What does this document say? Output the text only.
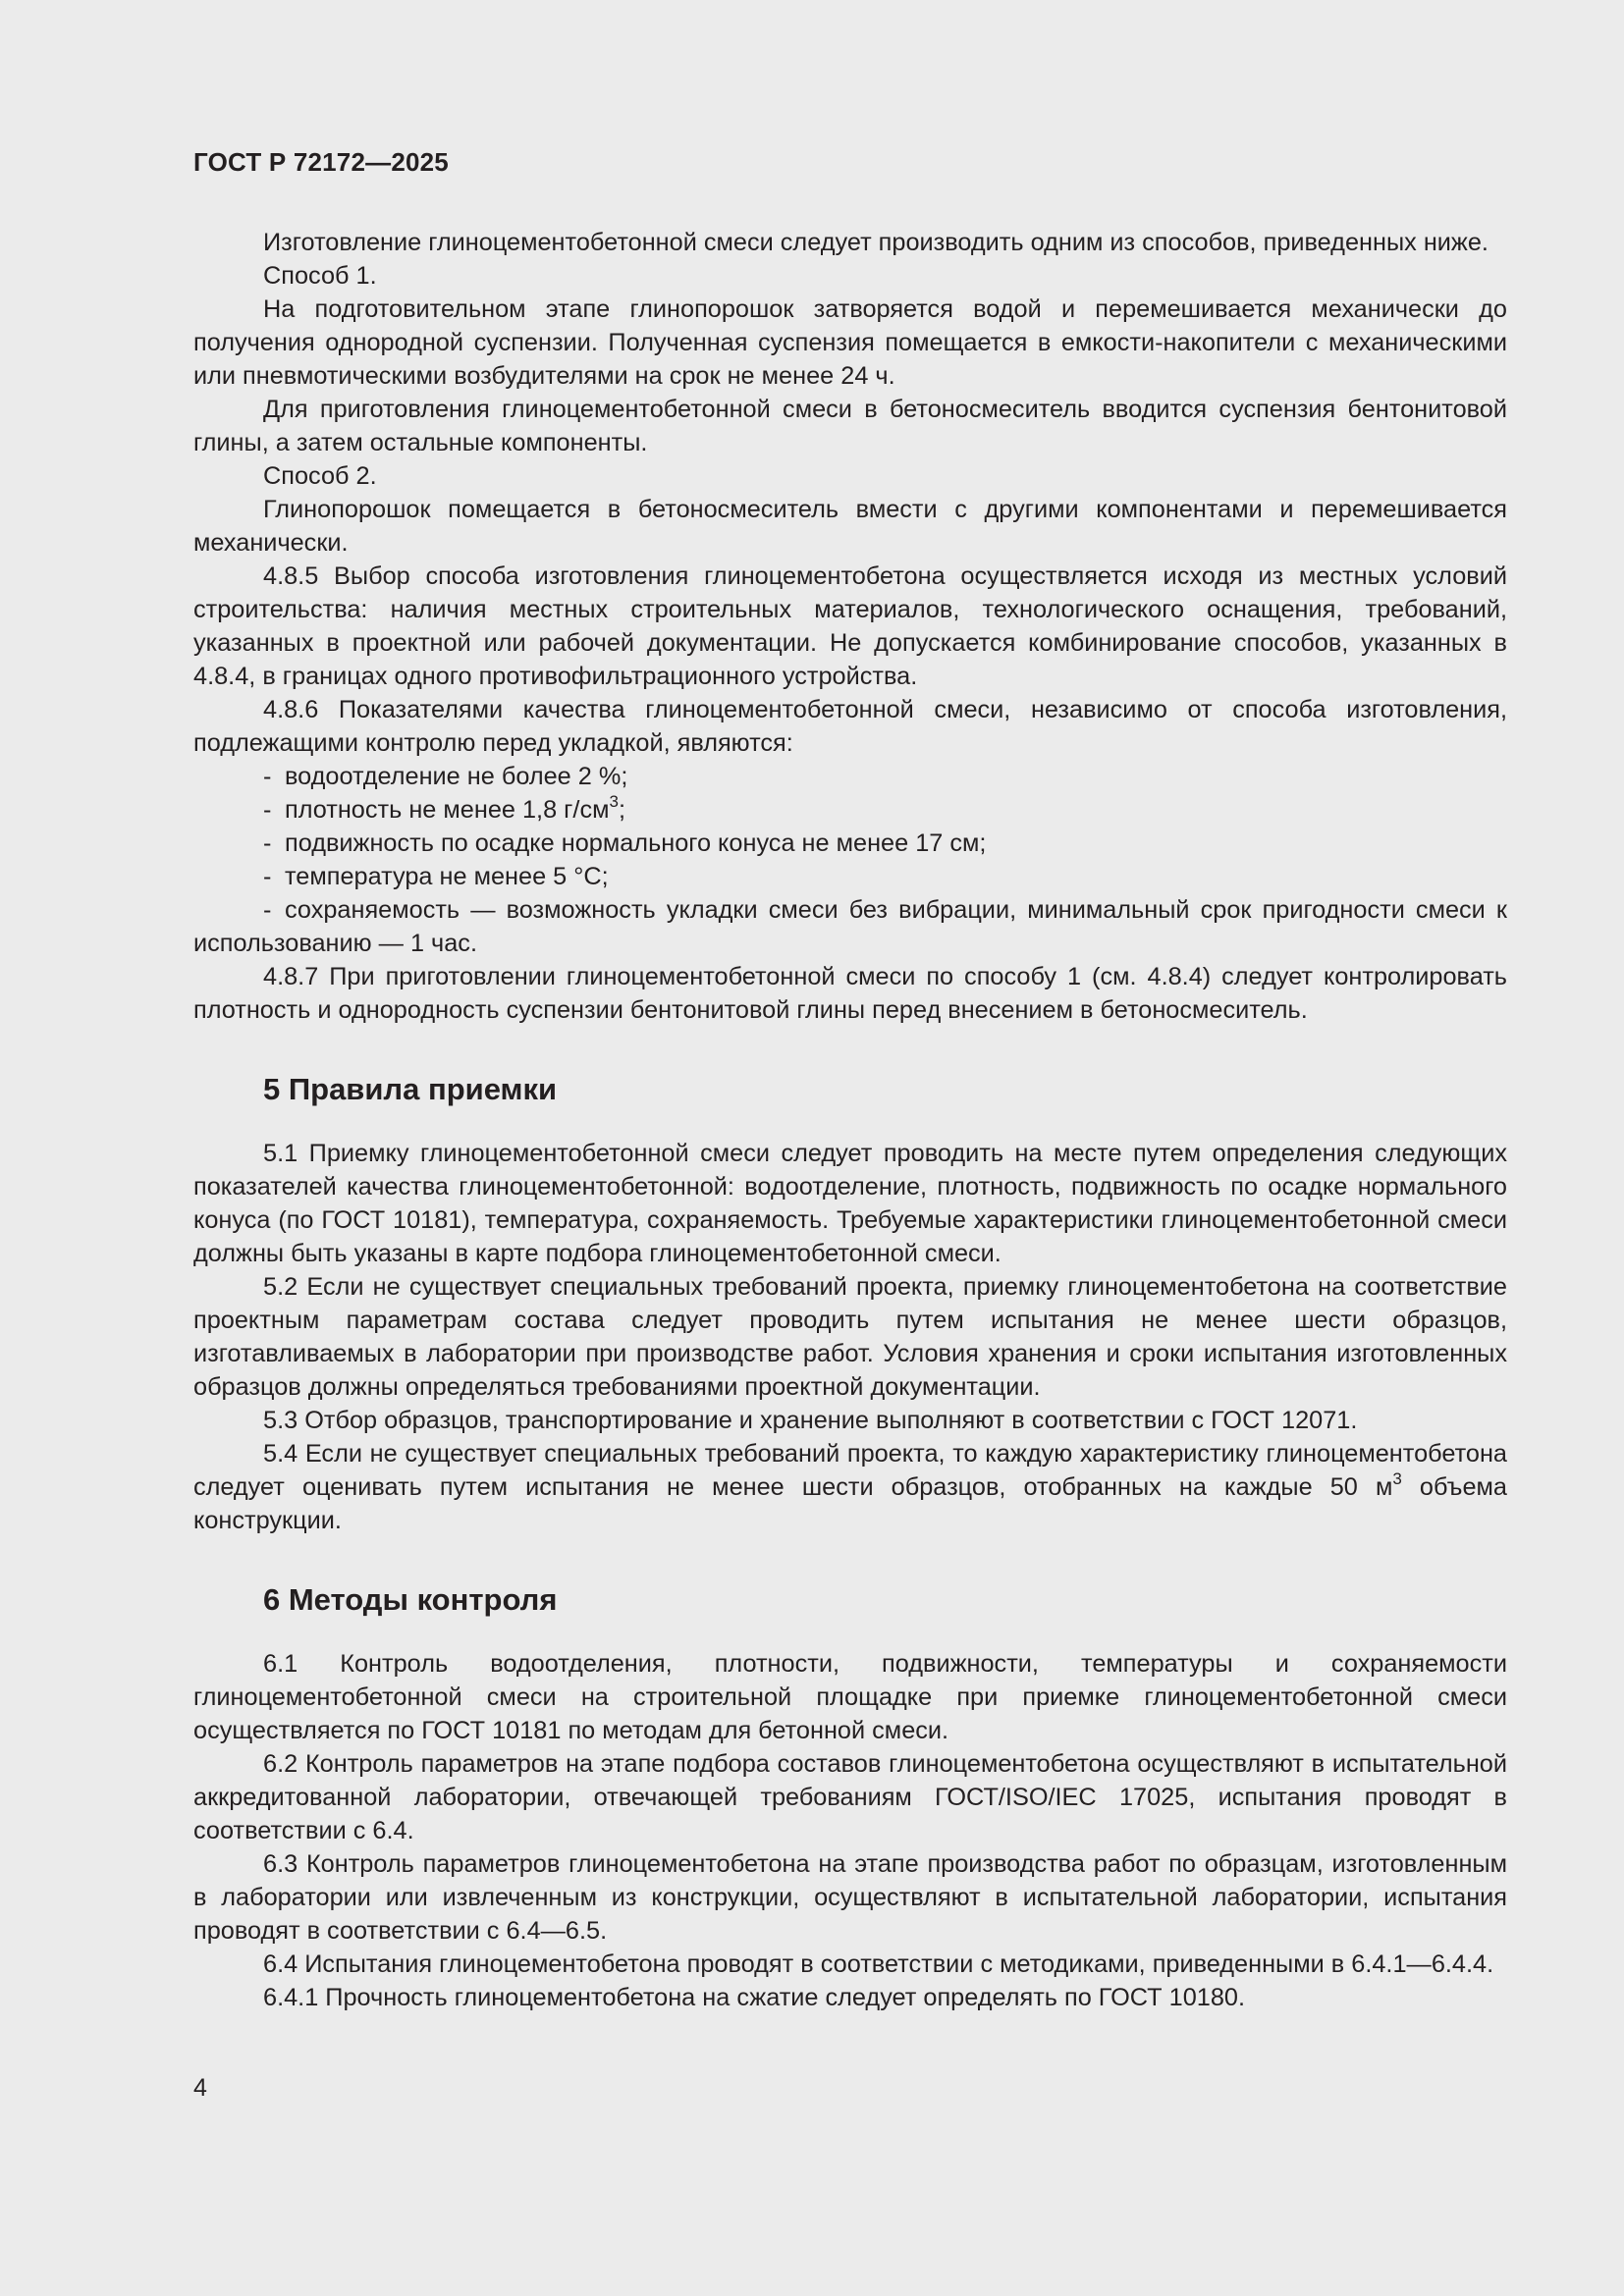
ГОСТ Р 72172—2025

Изготовление глиноцементобетонной смеси следует производить одним из способов, приведенных ниже.

Способ 1.

На подготовительном этапе глинопорошок затворяется водой и перемешивается механически до получения однородной суспензии. Полученная суспензия помещается в емкости-накопители с механическими или пневмотическими возбудителями на срок не менее 24 ч.

Для приготовления глиноцементобетонной смеси в бетоносмеситель вводится суспензия бентонитовой глины, а затем остальные компоненты.

Способ 2.

Глинопорошок помещается в бетоносмеситель вмести с другими компонентами и перемешивается механически.

4.8.5 Выбор способа изготовления глиноцементобетона осуществляется исходя из местных условий строительства: наличия местных строительных материалов, технологического оснащения, требований, указанных в проектной или рабочей документации. Не допускается комбинирование способов, указанных в 4.8.4, в границах одного противофильтрационного устройства.

4.8.6 Показателями качества глиноцементобетонной смеси, независимо от способа изготовления, подлежащими контролю перед укладкой, являются:

- водоотделение не более 2 %;

- плотность не менее 1,8 $г/см^3$;

- подвижность по осадке нормального конуса не менее 17 см;

- температура не менее 5 °С;

- сохраняемость — возможность укладки смеси без вибрации, минимальный срок пригодности смеси к использованию — 1 час.

4.8.7 При приготовлении глиноцементобетонной смеси по способу 1 (см. 4.8.4) следует контролировать плотность и однородность суспензии бентонитовой глины перед внесением в бетоносмеситель.

5 Правила приемки

5.1 Приемку глиноцементобетонной смеси следует проводить на месте путем определения следующих показателей качества глиноцементобетонной: водоотделение, плотность, подвижность по осадке нормального конуса (по ГОСТ 10181), температура, сохраняемость. Требуемые характеристики глиноцементобетонной смеси должны быть указаны в карте подбора глиноцементобетонной смеси.

5.2 Если не существует специальных требований проекта, приемку глиноцементобетона на соответствие проектным параметрам состава следует проводить путем испытания не менее шести образцов, изготавливаемых в лаборатории при производстве работ. Условия хранения и сроки испытания изготовленных образцов должны определяться требованиями проектной документации.

5.3 Отбор образцов, транспортирование и хранение выполняют в соответствии с ГОСТ 12071.

5.4 Если не существует специальных требований проекта, то каждую характеристику глиноцементобетона следует оценивать путем испытания не менее шести образцов, отобранных на каждые 50 $м^3$ объема конструкции.

6 Методы контроля

6.1 Контроль водоотделения, плотности, подвижности, температуры и сохраняемости глиноцементобетонной смеси на строительной площадке при приемке глиноцементобетонной смеси осуществляется по ГОСТ 10181 по методам для бетонной смеси.

6.2 Контроль параметров на этапе подбора составов глиноцементобетона осуществляют в испытательной аккредитованной лаборатории, отвечающей требованиям ГОСТ/ISO/IEC 17025, испытания проводят в соответствии с 6.4.

6.3 Контроль параметров глиноцементобетона на этапе производства работ по образцам, изготовленным в лаборатории или извлеченным из конструкции, осуществляют в испытательной лаборатории, испытания проводят в соответствии с 6.4—6.5.

6.4 Испытания глиноцементобетона проводят в соответствии с методиками, приведенными в 6.4.1—6.4.4.

6.4.1 Прочность глиноцементобетона на сжатие следует определять по ГОСТ 10180.

4
